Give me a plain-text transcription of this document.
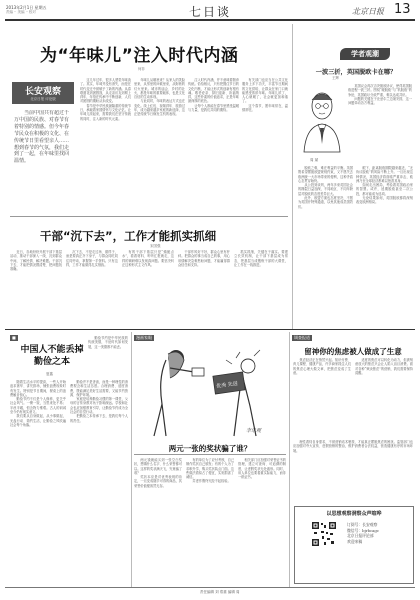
2013年2月1日 星期五
责编 ·· 美编 ·· 校对	七日谈	北京日报 13
为“年味儿”注入时代内涵
何非
长安观察
北京日报 评论版
当前中国共有超过千万中国的民族、对春节有着特别的情感。但今年春节民众在积极的文化、在传统节日里看望亲人……想到春节的气氛，我们走到了一起，在年味里找回温情。

这几年过年，很多人感觉年味淡了。其实，年味并没有消失，而是在时代变迁中被赋予了新的内涵。从春联窗花到团圆饭，从走亲访友到网上拜年，年俗在传承中不断创新，人们对团圆的期盼从未改变。

春节是中华民族最隆重的传统节日，承载着家国情怀与文化记忆。让年味儿浓起来，需要我们在坚守传统的同时，注入新的时代元素。

年味儿从哪里来？从家人的笑脸里来，从邻里的问候里来，从街巷的灯火里来。城市的庙会、乡村的社火，都是年味的重要载体，也是文化自信的生动体现。

与此同时，年味的表达方式也在变化。线上红包、视频拜年、旅游过年，成为越来越多家庭的新选择，这正是传统节日焕发生机的表现。

注入时代内涵，并不意味着抛弃传统。恰恰相反，只有把握住节日的文化内核，才能让形式的创新有根有魂。敬老爱亲、辞旧迎新、祈福纳祥，这些朴素的价值追求，正是年味最深厚的底色。

让每个人都能在春节里感受温暖与力量，是我们共同的期待。

有关部门也应当在公共文化服务上多下功夫，丰富节日期间的文化供给，让群众在家门口就能感受浓浓年味。年味儿浓了，人心就暖了，社会就更加和谐了。

这个春节，愿年味常在，温情常驻。

学者观潮
一波三折，英国脱欧卡在哪？
王辉
周 斌

英国议会再次否决脱欧协议，使得英国脱欧进程一波三折。围绕“硬脱欧”与“软脱欧”的争论，英国政坛分歧严重，难以达成共识。

问题的关键在于北爱尔兰边境安排，这一问题牵动各方利益。

脱欧之难，难在利益的平衡。英国既希望摆脱欧盟规则约束，又不愿失去欧洲统一大市场带来的便利，这种矛盾心态贯穿始终。

从公投到谈判，两年多来英国社会的撕裂日益加深，不同地区、不同年龄层对脱欧的态度差异巨大。

此外，欧盟方面也态度坚决，不愿为英国开特殊通道，以免其他成员国效仿。

眼下，距离脱欧期限越来越近，“无协议脱欧”的风险不断上升。一旦出现这种情况，英国经济将面临严重冲击，欧洲乃至全球经济都难以独善其身。

如何走出困局，考验着英国政治家的智慧。或许，延期脱欧甚至二次公投，都可能成为选项。

无论结果如何，英国脱欧都将深刻改变欧洲格局。

干部“沉下去”，工作才能抓实抓细
宋国强

近日，各地纷纷开展干部下基层活动，推动干部深入一线、沉到群众中间，了解民情、解决难题。干部沉下去，才能把情况摸清楚、把问题找准确。

沉下去，不是走过场、做样子，而是要真正扑下身子，与群众同吃同住同劳动，掌握第一手资料。只有这样，工作才能做得扎实细致。

有的干部下基层只是“蜻蜓点水”，看看材料、听听汇报就走，这样的调研难以发现真问题。要坚决纠正这种形式主义作风。

干部作风好不好，群众心里有杆秤。把群众的事当成自己的事，用心用情解决急难愁盼问题，才能赢得群众信任和支持。

抓实抓细，关键在于落实。要建立长效机制，让干部下基层成为常态，把基层当成锻炼干部的大课堂，让工作在一线推进。

■
中国人不能丢掉勤俭之本
夏鑫

勤俭节约是中华民族的传统美德，不论时代如何发展，这一美德都不能丢。

随着生活水平的提高，一些人开始追求奢华、讲究排场，铺张浪费现象时有发生。特别是节日期间，餐桌上的浪费触目惊心。

勤俭节约不仅是个人修养，更关乎社会风气。一粥一饭，当思来处不易；半丝半缕，恒念物力维艰。古人的训诫至今仍有现实意义。

我们要从自身做起，从小事做起，光盘行动、简约生活，让勤俭之风吹遍社会每个角落。

勤俭并不是吝啬，而是一种理性的消费观念和生活态度。合理消费、适度消费，既能满足美好生活需要，又能节约资源、保护环境。

家庭是培养勤俭习惯的第一课堂，父母的言传身教对孩子影响深远。学校和社会也应加强教育引导，让勤俭节约成为全社会的自觉行动。

把勤俭之本传承下去，是我们每个人的责任。

漫画家眼
优秀 先进
李乐观
两元一张的奖状骗了谁？

两元钱就能买到一张空白奖状，想填什么名字、什么荣誉都可以。这样的奖状满天飞，究竟骗了谁？

奖状本应是对优秀表现的肯定，一旦变成随手可得的商品，其荣誉价值便荡然无存。

有的单位为了应付考核，自己制作奖状自己颁发；有的个人为了求职升学，购买奖状装点门面。这些做法看似占了便宜，实则损害了诚信。

弄虚作假终究经不起检验。

相关部门应加强对荣誉证书的管理，建立可查询、可追溯的制度，让虚假奖状无处遁形。同时，用人单位也要看重实际能力，而非一纸证书。

调查报道
留神你的焦虑被人做成了生意

焦虑经济正在悄然兴起。知识付费、育儿课程、健康产品，许多商家抓住人们的焦虑心理大做文章，把焦虑变成了生意。

适度的焦虑可以转化为动力，但被刻意放大的焦虑只会让人陷入盲目消费。面对各种“贩卖焦虑”的营销，我们需要保持清醒。

理性看待自身需求，不被营销话术裹挟，才能真正摆脱焦虑的困扰。监管部门也应加强对夸大宣传、虚假营销的整治，维护消费者合法权益，营造健康有序的市场环境。

以思想观察洞察众声喧哗
订阅号：长安观察
微信号：bjrbcagc
北京日报评论部
欢迎来稿
责任编辑 刘 郑重 编辑 周
